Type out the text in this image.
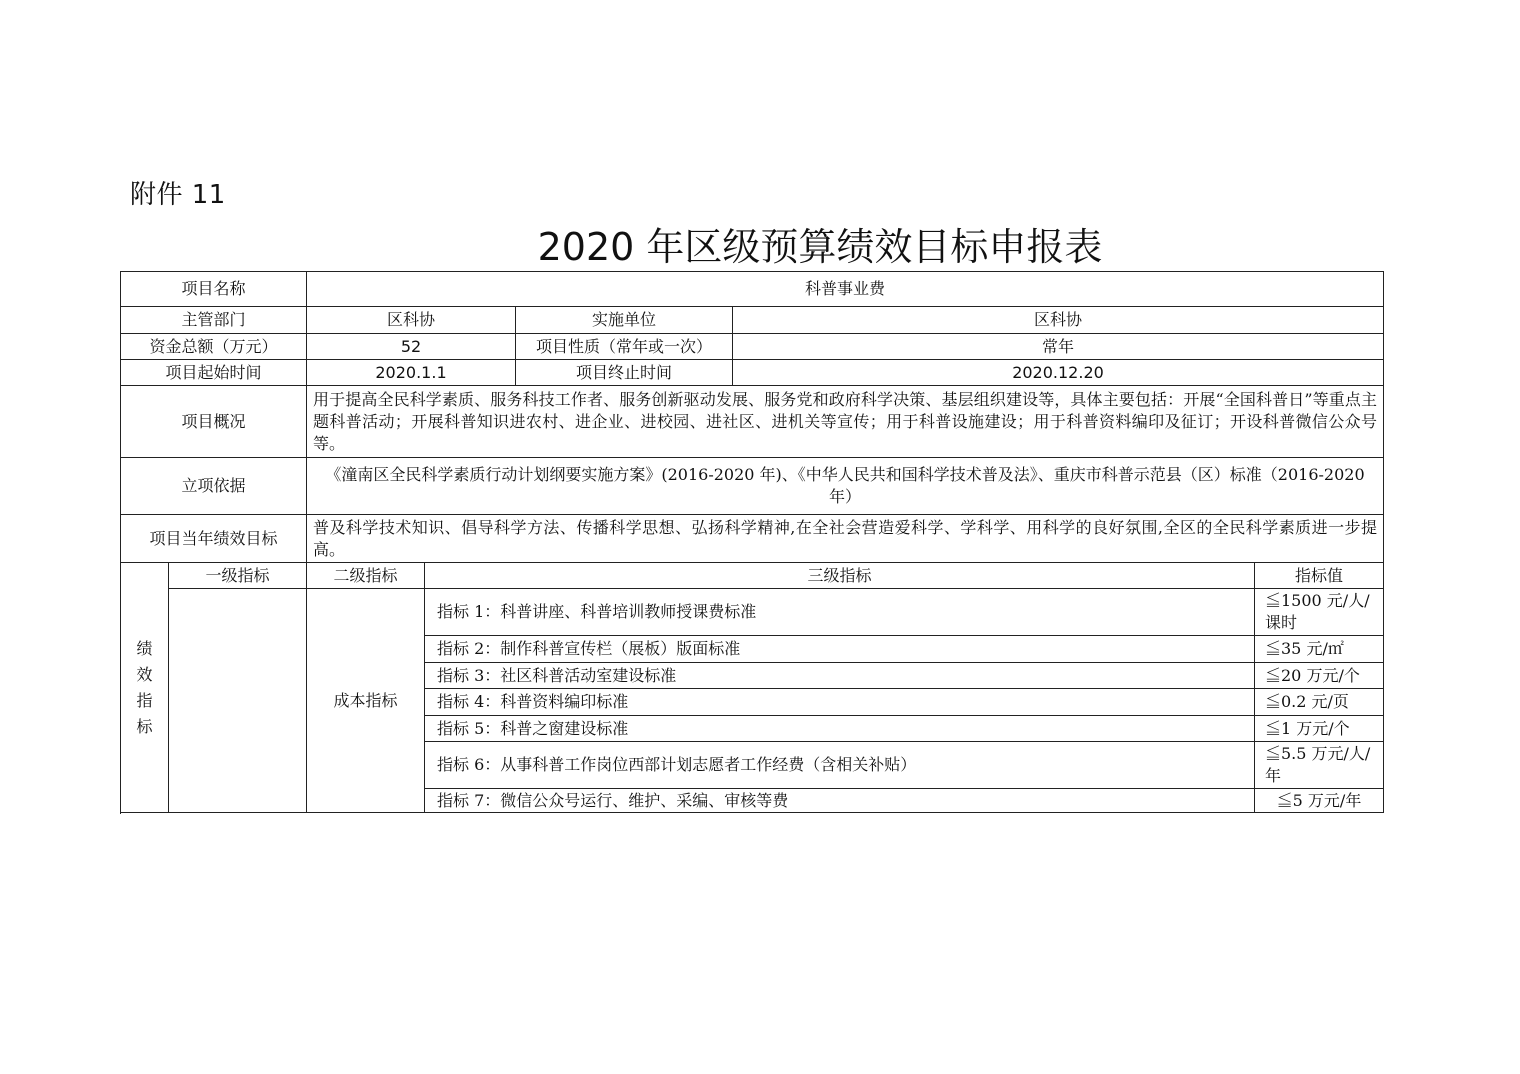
附件 11
2020 年区级预算绩效目标申报表
项目名称		科普事业费				
主管部门		区科协		实施单位	区科协	
资金总额（万元）		52		项目性质（常年或一次）	常年	
项目起始时间		2020.1.1		项目终止时间	2020.12.20	
项目概况		用于提高全民科学素质、服务科技工作者、服务创新驱动发展、服务党和政府科学决策、基层组织建设等，具体主要包括：开展“全国科普日”等重点主题科普活动；开展科普知识进农村、进企业、进校园、进社区、进机关等宣传；用于科普设施建设；用于科普资料编印及征订；开设科普微信公众号等。				
立项依据		《潼南区全民科学素质行动计划纲要实施方案》(2016-2020 年)、《中华人民共和国科学技术普及法》、重庆市科普示范县（区）标准（2016-2020 年）				
项目当年绩效目标		普及科学技术知识、倡导科学方法、传播科学思想、弘扬科学精神,在全社会营造爱科学、学科学、用科学的良好氛围,全区的全民科学素质进一步提高。				

绩
效
指
标	一级指标	二级指标	三级指标			指标值
		成本指标	指标 1：科普讲座、科普培训教师授课费标准			≦1500 元/人/课时
			指标 2：制作科普宣传栏（展板）版面标准			≦35 元/㎡
			指标 3：社区科普活动室建设标准			≦20 万元/个
			指标 4：科普资料编印标准			≦0.2 元/页
			指标 5：科普之窗建设标准			≦1 万元/个
			指标 6：从事科普工作岗位西部计划志愿者工作经费（含相关补贴）			≦5.5 万元/人/年
			指标 7：微信公众号运行、维护、采编、审核等费			≦5 万元/年
